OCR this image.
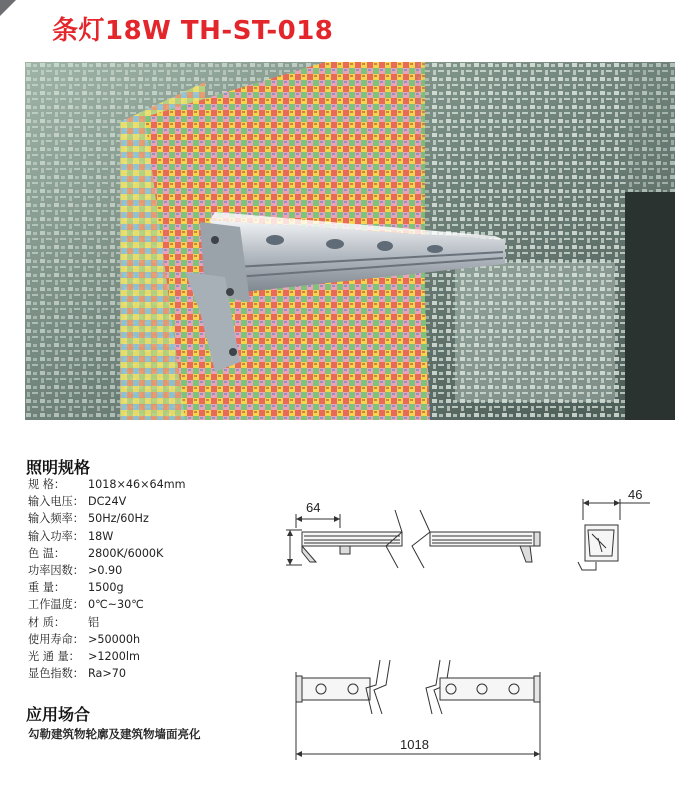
条灯18W TH-ST-018
照明规格
规 格：	1018×46×64mm
输入电压： DC24V
输入频率： 50Hz/60Hz
输入功率： 18W
色 温：	2800K/6000K
功率因数： >0.90
重 量：	1500g
工作温度： 0℃~30℃
材 质：	铝
使用寿命： >50000h
光 通 量： >1200lm
显色指数： Ra>70
应用场合
勾勒建筑物轮廓及建筑物墙面亮化
64
46
1018
